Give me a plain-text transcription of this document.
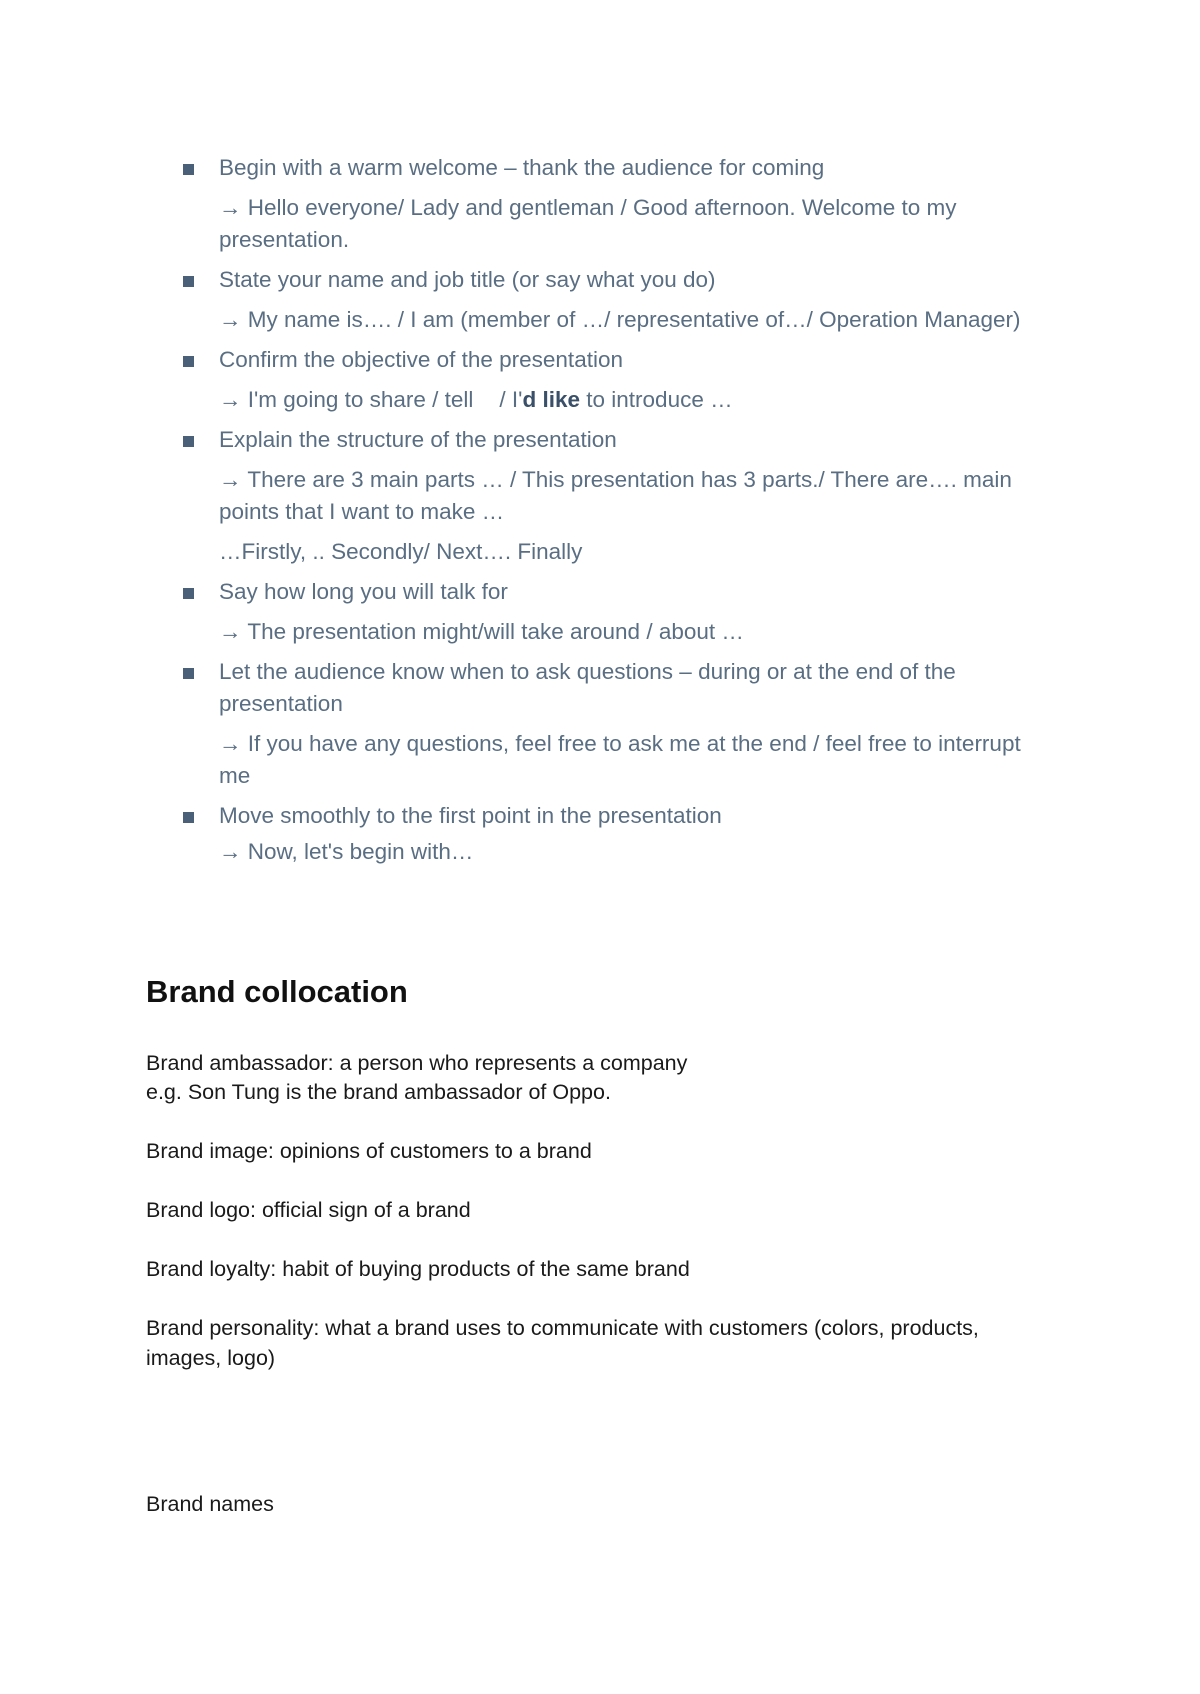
Begin with a warm welcome – thank the audience for coming

→ Hello everyone/ Lady and gentleman / Good afternoon. Welcome to my presentation.

State your name and job title (or say what you do)

→ My name is…. / I am (member of …/ representative of…/ Operation Manager)

Confirm the objective of the presentation

→ I'm going to share / tell / I'd like to introduce …

Explain the structure of the presentation

→ There are 3 main parts … / This presentation has 3 parts./ There are…. main points that I want to make …

…Firstly, .. Secondly/ Next…. Finally

Say how long you will talk for

→ The presentation might/will take around / about …

Let the audience know when to ask questions – during or at the end of the presentation

→ If you have any questions, feel free to ask me at the end / feel free to interrupt me

Move smoothly to the first point in the presentation

→ Now, let's begin with…

Brand collocation

Brand ambassador: a person who represents a company

e.g. Son Tung is the brand ambassador of Oppo.

Brand image: opinions of customers to a brand

Brand logo: official sign of a brand

Brand loyalty: habit of buying products of the same brand

Brand personality: what a brand uses to communicate with customers (colors, products, images, logo)

Brand names
